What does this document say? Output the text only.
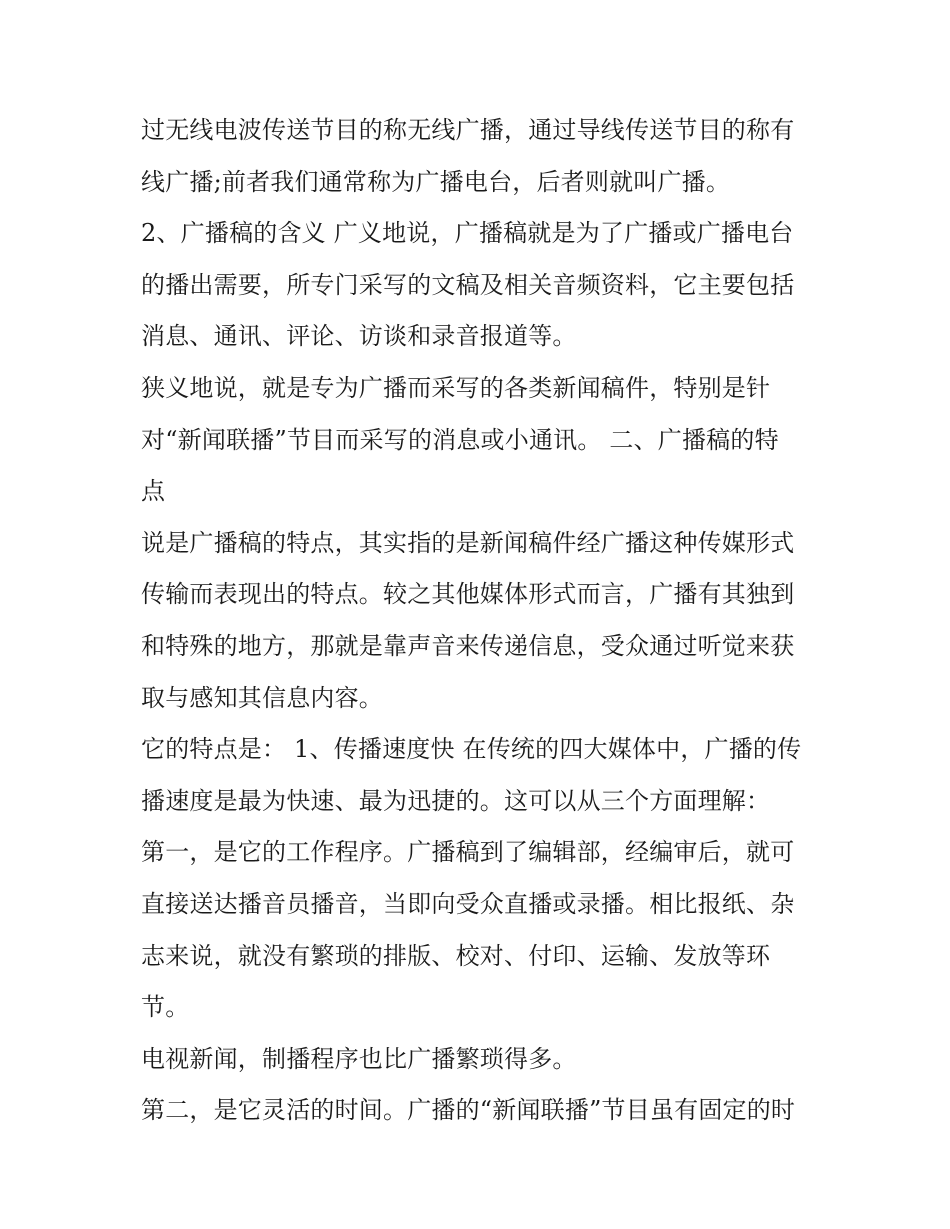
过无线电波传送节目的称无线广播，通过导线传送节目的称有
线广播;前者我们通常称为广播电台，后者则就叫广播。
2、广播稿的含义 广义地说，广播稿就是为了广播或广播电台
的播出需要，所专门采写的文稿及相关音频资料，它主要包括
消息、通讯、评论、访谈和录音报道等。
狭义地说，就是专为广播而采写的各类新闻稿件，特别是针
对“新闻联播”节目而采写的消息或小通讯。 二、广播稿的特
点
说是广播稿的特点，其实指的是新闻稿件经广播这种传媒形式
传输而表现出的特点。较之其他媒体形式而言，广播有其独到
和特殊的地方，那就是靠声音来传递信息，受众通过听觉来获
取与感知其信息内容。
它的特点是： 1、传播速度快 在传统的四大媒体中，广播的传
播速度是最为快速、最为迅捷的。这可以从三个方面理解：
第一，是它的工作程序。广播稿到了编辑部，经编审后，就可
直接送达播音员播音，当即向受众直播或录播。相比报纸、杂
志来说，就没有繁琐的排版、校对、付印、运输、发放等环
节。
电视新闻，制播程序也比广播繁琐得多。
第二，是它灵活的时间。广播的“新闻联播”节目虽有固定的时
